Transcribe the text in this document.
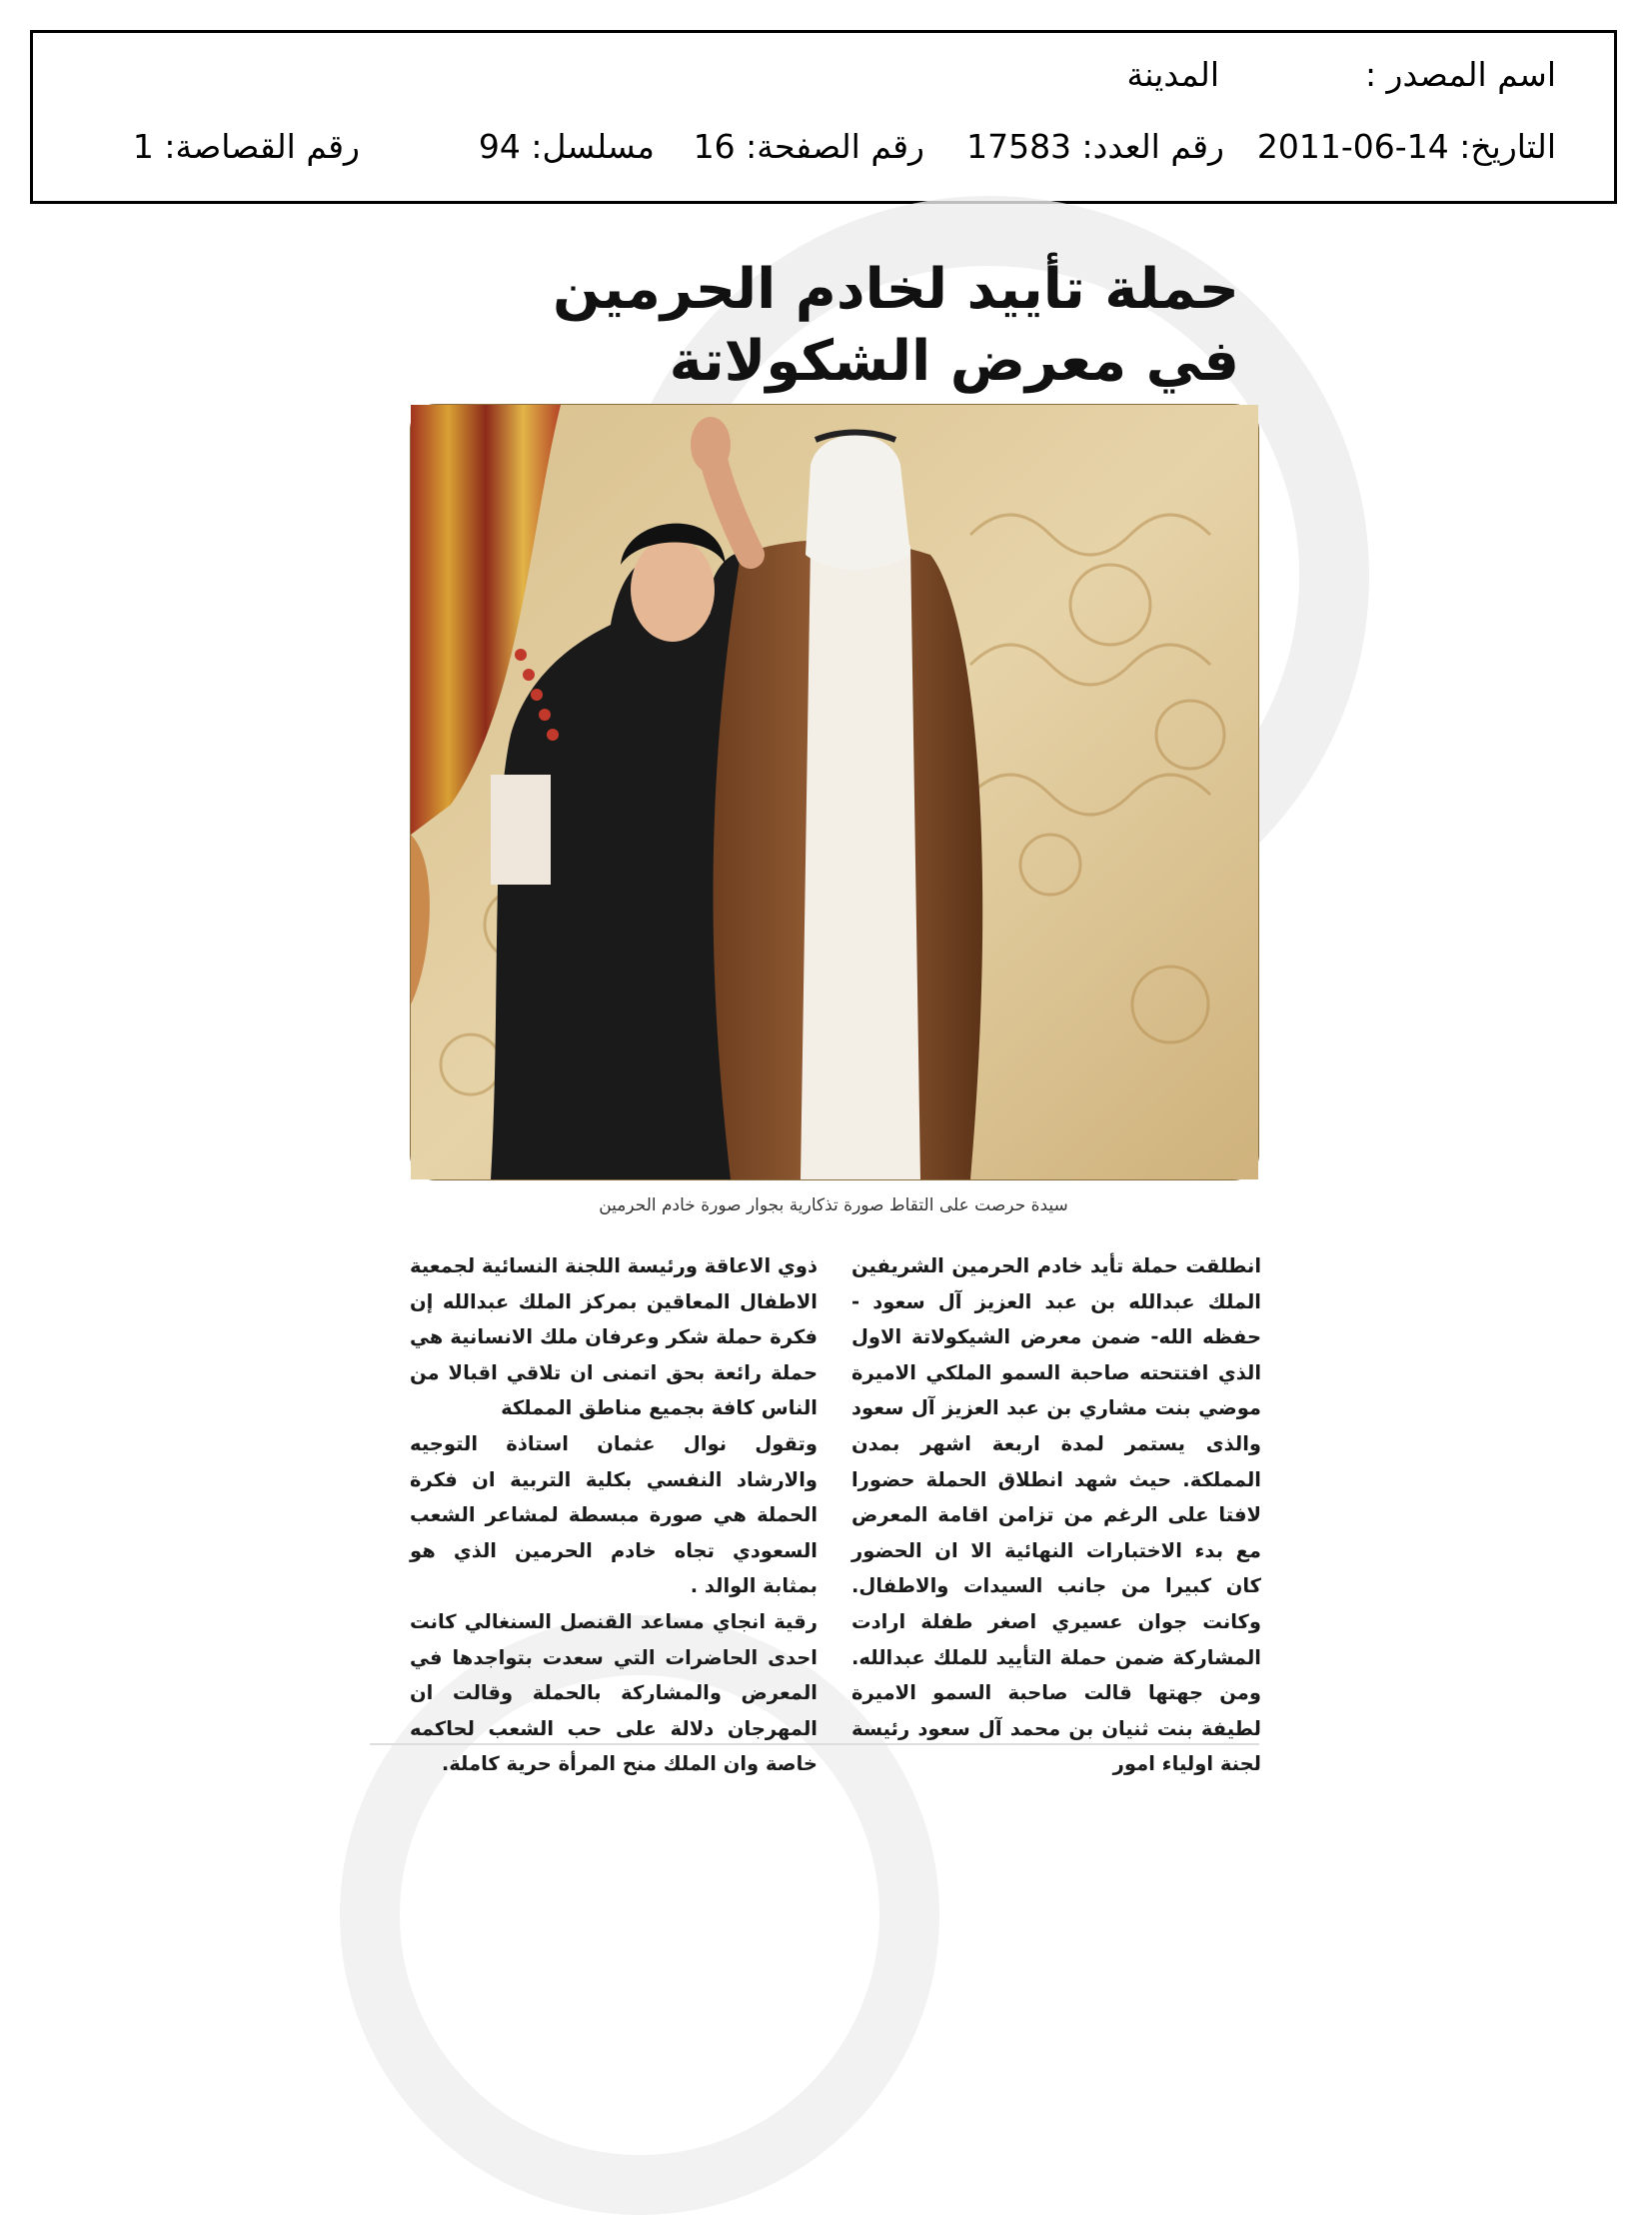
اسم المصدر :
المدينة
التاريخ: 14-06-2011
رقم العدد: 17583
رقم الصفحة: 16
مسلسل: 94
رقم القصاصة: 1
حملة تأييد لخادم الحرمين
في معرض الشكولاتة
سيدة حرصت على التقاط صورة تذكارية بجوار صورة خادم الحرمين

انطلقت حملة تأيد خادم الحرمين الشريفين الملك عبدالله بن عبد العزيز آل سعود - حفظه الله- ضمن معرض الشيكولاتة الاول الذي افتتحته صاحبة السمو الملكي الاميرة موضي بنت مشاري بن عبد العزيز آل سعود والذى يستمر لمدة اربعة اشهر بمدن المملكة. حيث شهد انطلاق الحملة حضورا لافتا على الرغم من تزامن اقامة المعرض مع بدء الاختبارات النهائية الا ان الحضور كان كبيرا من جانب السيدات والاطفال. وكانت جوان عسيري اصغر طفلة ارادت المشاركة ضمن حملة التأييد للملك عبدالله. ومن جهتها قالت صاحبة السمو الاميرة لطيفة بنت ثنيان بن محمد آل سعود رئيسة لجنة اولياء امور

ذوي الاعاقة ورئيسة اللجنة النسائية لجمعية الاطفال المعاقين بمركز الملك عبدالله إن فكرة حملة شكر وعرفان ملك الانسانية هي حملة رائعة بحق اتمنى ان تلاقي اقبالا من الناس كافة بجميع مناطق المملكة

وتقول نوال عثمان استاذة التوجيه والارشاد النفسي بكلية التربية ان فكرة الحملة هي صورة مبسطة لمشاعر الشعب السعودي تجاه خادم الحرمين الذي هو بمثابة الوالد .

رقية انجاي مساعد القنصل السنغالي كانت احدى الحاضرات التي سعدت بتواجدها في المعرض والمشاركة بالحملة وقالت ان المهرجان دلالة على حب الشعب لحاكمه خاصة وان الملك منح المرأة حرية كاملة.
